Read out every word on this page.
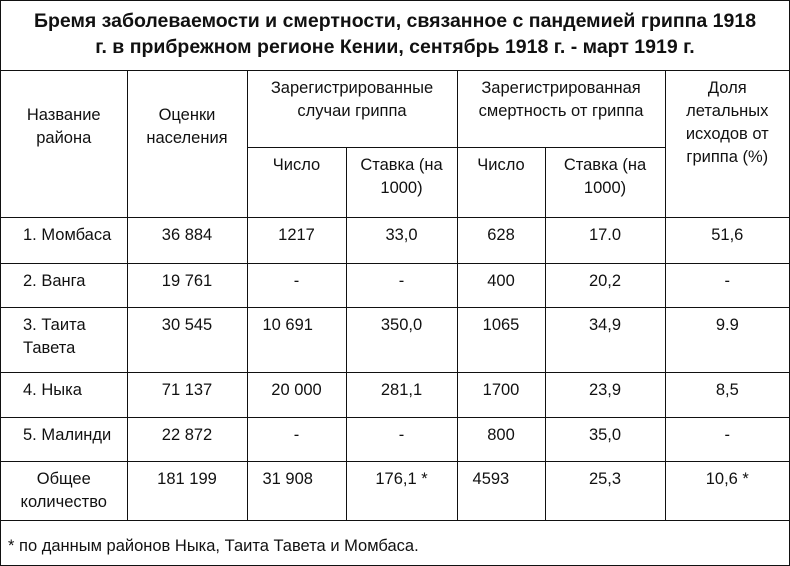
Бремя заболеваемости и смертности, связанное с пандемией гриппа 1918
г. в прибрежном регионе Кении, сентябрь 1918 г. - март 1919 г.
Название района	Оценки населения	Зарегистрированные случаи гриппа		Зарегистрированная смертность от гриппа		Доля летальных исходов от гриппа (%)
		Число	Ставка (на 1000)	Число	Ставка (на 1000)	
1. Момбаса	36 884	1217	33,0	628	17.0	51,6
2. Ванга	19 761	-	-	400	20,2	-
3. Таита Тавета	30 545	10 691	350,0	1065	34,9	9.9
4. Ныка	71 137	20 000	281,1	1700	23,9	8,5
5. Малинди	22 872	-	-	800	35,0	-
Общее количество	181 199	31 908	176,1 *	4593	25,3	10,6 *
* по данным районов Ныка, Таита Тавета и Момбаса.
